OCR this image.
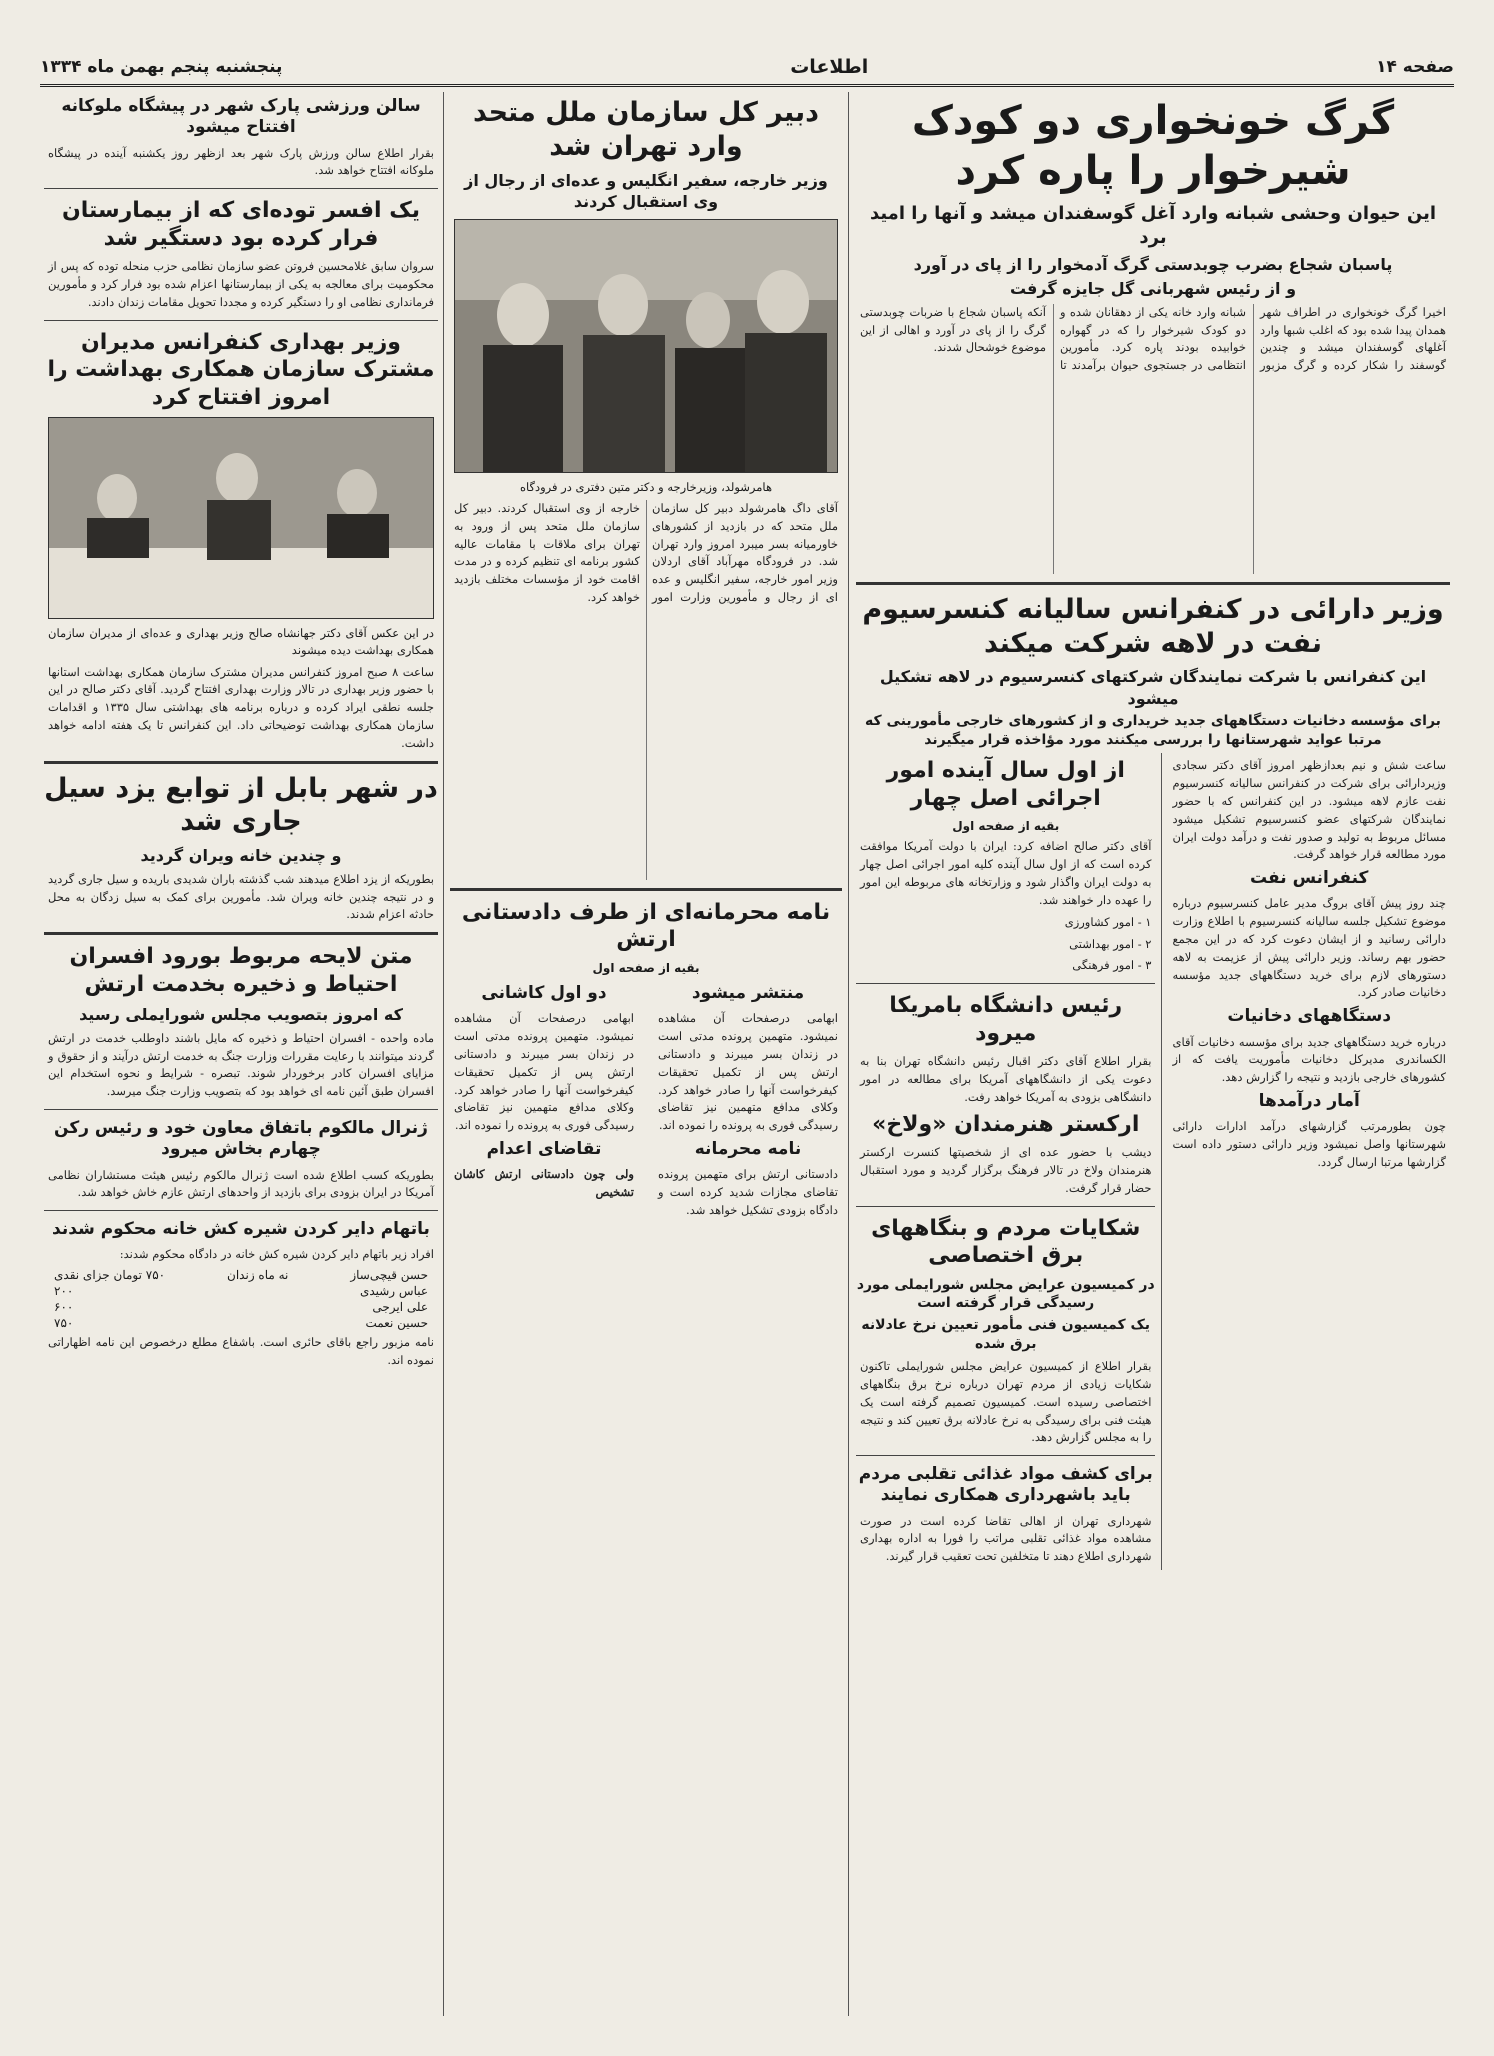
صفحه ۱۴
اطلاعات
پنجشنبه پنجم بهمن ماه ۱۳۳۴
گرگ خونخواری دو کودک شیرخوار را پاره کرد
این حیوان وحشی شبانه وارد آغل گوسفندان میشد و آنها را امید برد
پاسبان شجاع بضرب چوبدستی گرگ آدمخوار را از پای در آورد
و از رئیس شهربانی گل جایزه گرفت
اخیرا گرگ خونخواری در اطراف شهر همدان پیدا شده بود که اغلب شبها وارد آغلهای گوسفندان میشد و چندین گوسفند را شکار کرده و گرگ مزبور شبانه وارد خانه یکی از دهقانان شده و دو کودک شیرخوار را که در گهواره خوابیده بودند پاره کرد. مأمورین انتظامی در جستجوی حیوان برآمدند تا آنکه پاسبان شجاع با ضربات چوبدستی گرگ را از پای در آورد و اهالی از این موضوع خوشحال شدند.
وزیر دارائی در کنفرانس سالیانه کنسرسیوم نفت در لاهه شرکت میکند
این کنفرانس با شرکت نمایندگان شرکتهای کنسرسیوم در لاهه تشکیل میشود
برای مؤسسه دخانیات دستگاههای جدید خریداری و از کشورهای خارجی مأمورینی که مرتبا عواید شهرستانها را بررسی میکنند مورد مؤاخذه قرار میگیرند
ساعت شش و نیم بعدازظهر امروز آقای دکتر سجادی وزیردارائی برای شرکت در کنفرانس سالیانه کنسرسیوم نفت عازم لاهه میشود. در این کنفرانس که با حضور نمایندگان شرکتهای عضو کنسرسیوم تشکیل میشود مسائل مربوط به تولید و صدور نفت و درآمد دولت ایران مورد مطالعه قرار خواهد گرفت.
کنفرانس نفت
چند روز پیش آقای بروگ مدیر عامل کنسرسیوم درباره موضوع تشکیل جلسه سالیانه کنسرسیوم با اطلاع وزارت دارائی رسانید و از ایشان دعوت کرد که در این مجمع حضور بهم رساند. وزیر دارائی پیش از عزیمت به لاهه دستورهای لازم برای خرید دستگاههای جدید مؤسسه دخانیات صادر کرد.
دستگاههای دخانیات
درباره خرید دستگاههای جدید برای مؤسسه دخانیات آقای الکساندری مدیرکل دخانیات مأموریت یافت که از کشورهای خارجی بازدید و نتیجه را گزارش دهد.
آمار درآمدها
چون بطورمرتب گزارشهای درآمد ادارات دارائی شهرستانها واصل نمیشود وزیر دارائی دستور داده است گزارشها مرتبا ارسال گردد.
از اول سال آینده امور اجرائی اصل چهار
بقیه از صفحه اول
آقای دکتر صالح اضافه کرد: ایران با دولت آمریکا موافقت کرده است که از اول سال آینده کلیه امور اجرائی اصل چهار به دولت ایران واگذار شود و وزارتخانه های مربوطه این امور را عهده دار خواهند شد.
۱ - امور کشاورزی
۲ - امور بهداشتی
۳ - امور فرهنگی
رئیس دانشگاه بامریکا میرود
بقرار اطلاع آقای دکتر اقبال رئیس دانشگاه تهران بنا به دعوت یکی از دانشگاههای آمریکا برای مطالعه در امور دانشگاهی بزودی به آمریکا خواهد رفت.
ارکستر هنرمندان «ولاخ»
دیشب با حضور عده ای از شخصیتها کنسرت ارکستر هنرمندان ولاخ در تالار فرهنگ برگزار گردید و مورد استقبال حضار قرار گرفت.
شکایات مردم و بنگاههای برق اختصاصی
در کمیسیون عرایض مجلس شورایملی مورد رسیدگی قرار گرفته است
یک کمیسیون فنی مأمور تعیین نرخ عادلانه برق شده
بقرار اطلاع از کمیسیون عرایض مجلس شورایملی تاکنون شکایات زیادی از مردم تهران درباره نرخ برق بنگاههای اختصاصی رسیده است. کمیسیون تصمیم گرفته است یک هیئت فنی برای رسیدگی به نرخ عادلانه برق تعیین کند و نتیجه را به مجلس گزارش دهد.
برای کشف مواد غذائی تقلبی مردم باید باشهرداری همکاری نمایند
شهرداری تهران از اهالی تقاضا کرده است در صورت مشاهده مواد غذائی تقلبی مراتب را فورا به اداره بهداری شهرداری اطلاع دهند تا متخلفین تحت تعقیب قرار گیرند.
دبیر کل سازمان ملل متحد وارد تهران شد
وزیر خارجه، سفیر انگلیس و عده‌ای از رجال از وی استقبال کردند
هامرشولد، وزیرخارجه و دکتر متین دفتری در فرودگاه
آقای داگ هامرشولد دبیر کل سازمان ملل متحد که در بازدید از کشورهای خاورمیانه بسر میبرد امروز وارد تهران شد. در فرودگاه مهرآباد آقای اردلان وزیر امور خارجه، سفیر انگلیس و عده ای از رجال و مأمورین وزارت امور خارجه از وی استقبال کردند. دبیر کل سازمان ملل متحد پس از ورود به تهران برای ملاقات با مقامات عالیه کشور برنامه ای تنظیم کرده و در مدت اقامت خود از مؤسسات مختلف بازدید خواهد کرد.
نامه محرمانه‌ای از طرف دادستانی ارتش
بقیه از صفحه اول
منتشر میشود
ابهامی درصفحات آن مشاهده نمیشود. متهمین پرونده مدتی است در زندان بسر میبرند و دادستانی ارتش پس از تکمیل تحقیقات کیفرخواست آنها را صادر خواهد کرد. وکلای مدافع متهمین نیز تقاضای رسیدگی فوری به پرونده را نموده اند.
نامه محرمانه
دادستانی ارتش برای متهمین پرونده تقاضای مجازات شدید کرده است و دادگاه بزودی تشکیل خواهد شد.
دو اول کاشانی
ابهامی درصفحات آن مشاهده نمیشود. متهمین پرونده مدتی است در زندان بسر میبرند و دادستانی ارتش پس از تکمیل تحقیقات کیفرخواست آنها را صادر خواهد کرد. وکلای مدافع متهمین نیز تقاضای رسیدگی فوری به پرونده را نموده اند.
تقاضای اعدام
ولی چون دادستانی ارتش کاشان تشخیص
سالن ورزشی پارک شهر در پیشگاه ملوکانه افتتاح میشود
بقرار اطلاع سالن ورزش پارک شهر بعد ازظهر روز یکشنبه آینده در پیشگاه ملوکانه افتتاح خواهد شد.
یک افسر توده‌ای که از بیمارستان فرار کرده بود دستگیر شد
سروان سابق غلامحسین فروتن عضو سازمان نظامی حزب منحله توده که پس از محکومیت برای معالجه به یکی از بیمارستانها اعزام شده بود فرار کرد و مأمورین فرمانداری نظامی او را دستگیر کرده و مجددا تحویل مقامات زندان دادند.
وزیر بهداری کنفرانس مدیران مشترک سازمان همکاری بهداشت را امروز افتتاح کرد
در این عکس آقای دکتر جهانشاه صالح وزیر بهداری و عده‌ای از مدیران سازمان همکاری بهداشت دیده میشوند
ساعت ۸ صبح امروز کنفرانس مدیران مشترک سازمان همکاری بهداشت استانها با حضور وزیر بهداری در تالار وزارت بهداری افتتاح گردید. آقای دکتر صالح در این جلسه نطقی ایراد کرده و درباره برنامه های بهداشتی سال ۱۳۳۵ و اقدامات سازمان همکاری بهداشت توضیحاتی داد. این کنفرانس تا یک هفته ادامه خواهد داشت.
در شهر بابل از توابع یزد سیل جاری شد
و چندین خانه ویران گردید
بطوریکه از یزد اطلاع میدهند شب گذشته باران شدیدی باریده و سیل جاری گردید و در نتیجه چندین خانه ویران شد. مأمورین برای کمک به سیل زدگان به محل حادثه اعزام شدند.
متن لایحه مربوط بورود افسران احتیاط و ذخیره بخدمت ارتش
که امروز بتصویب مجلس شورایملی رسید
ماده واحده - افسران احتیاط و ذخیره که مایل باشند داوطلب خدمت در ارتش گردند میتوانند با رعایت مقررات وزارت جنگ به خدمت ارتش درآیند و از حقوق و مزایای افسران کادر برخوردار شوند. تبصره - شرایط و نحوه استخدام این افسران طبق آئین نامه ای خواهد بود که بتصویب وزارت جنگ میرسد.
ژنرال مالکوم باتفاق معاون خود و رئیس رکن چهارم بخاش میرود
بطوریکه کسب اطلاع شده است ژنرال مالکوم رئیس هیئت مستشاران نظامی آمریکا در ایران بزودی برای بازدید از واحدهای ارتش عازم خاش خواهد شد.
باتهام دایر کردن شیره کش خانه محکوم شدند
افراد زیر باتهام دایر کردن شیره کش خانه در دادگاه محکوم شدند:
حسن قیچی‌ساز
نه ماه زندان
۷۵۰ تومان جزای نقدی
عباس رشیدی
۲۰۰
علی ایرجی
۶۰۰
حسین نعمت
۷۵۰
نامه مزبور راجع باقای حائری است. باشفاع مطلع درخصوص این نامه اظهاراتی نموده اند.
